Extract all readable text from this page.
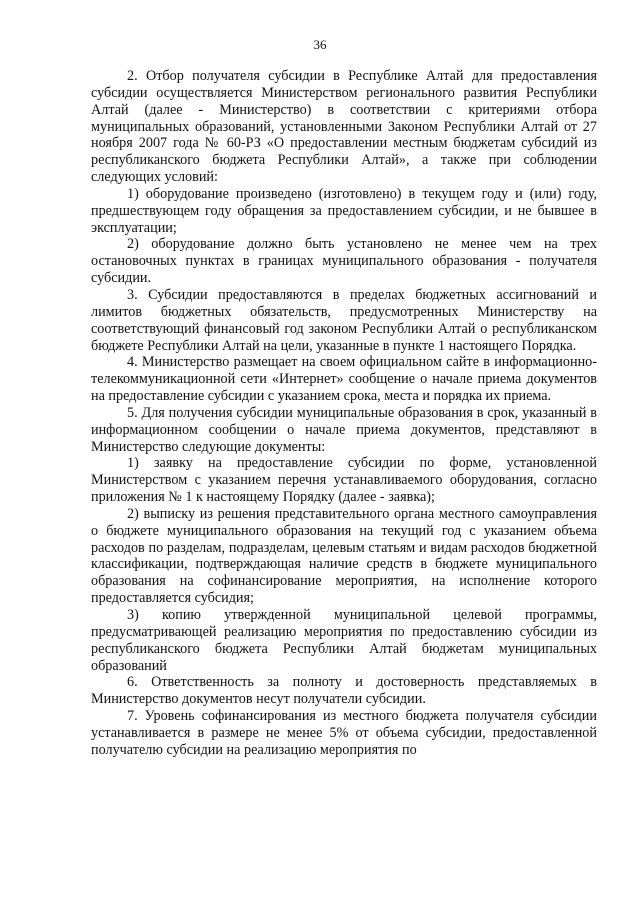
36

2. Отбор получателя субсидии в Республике Алтай для предоставления субсидии осуществляется Министерством регионального развития Республики Алтай (далее - Министерство) в соответствии с критериями отбора муниципальных образований, установленными Законом Республики Алтай от 27 ноября 2007 года № 60-РЗ «О предоставлении местным бюджетам субсидий из республиканского бюджета Республики Алтай», а также при соблюдении следующих условий:

1) оборудование произведено (изготовлено) в текущем году и (или) году, предшествующем году обращения за предоставлением субсидии, и не бывшее в эксплуатации;

2) оборудование должно быть установлено не менее чем на трех остановочных пунктах в границах муниципального образования - получателя субсидии.

3. Субсидии предоставляются в пределах бюджетных ассигнований и лимитов бюджетных обязательств, предусмотренных Министерству на соответствующий финансовый год законом Республики Алтай о республиканском бюджете Республики Алтай на цели, указанные в пункте 1 настоящего Порядка.

4. Министерство размещает на своем официальном сайте в информационно-телекоммуникационной сети «Интернет» сообщение о начале приема документов на предоставление субсидии с указанием срока, места и порядка их приема.

5. Для получения субсидии муниципальные образования в срок, указанный в информационном сообщении о начале приема документов, представляют в Министерство следующие документы:

1) заявку на предоставление субсидии по форме, установленной Министерством с указанием перечня устанавливаемого оборудования, согласно приложения № 1 к настоящему Порядку (далее - заявка);

2) выписку из решения представительного органа местного самоуправления о бюджете муниципального образования на текущий год с указанием объема расходов по разделам, подразделам, целевым статьям и видам расходов бюджетной классификации, подтверждающая наличие средств в бюджете муниципального образования на софинансирование мероприятия, на исполнение которого предоставляется субсидия;

3) копию утвержденной муниципальной целевой программы, предусматривающей реализацию мероприятия по предоставлению субсидии из республиканского бюджета Республики Алтай бюджетам муниципальных образований

6. Ответственность за полноту и достоверность представляемых в Министерство документов несут получатели субсидии.

7. Уровень софинансирования из местного бюджета получателя субсидии устанавливается в размере не менее 5% от объема субсидии, предоставленной получателю субсидии на реализацию мероприятия по
